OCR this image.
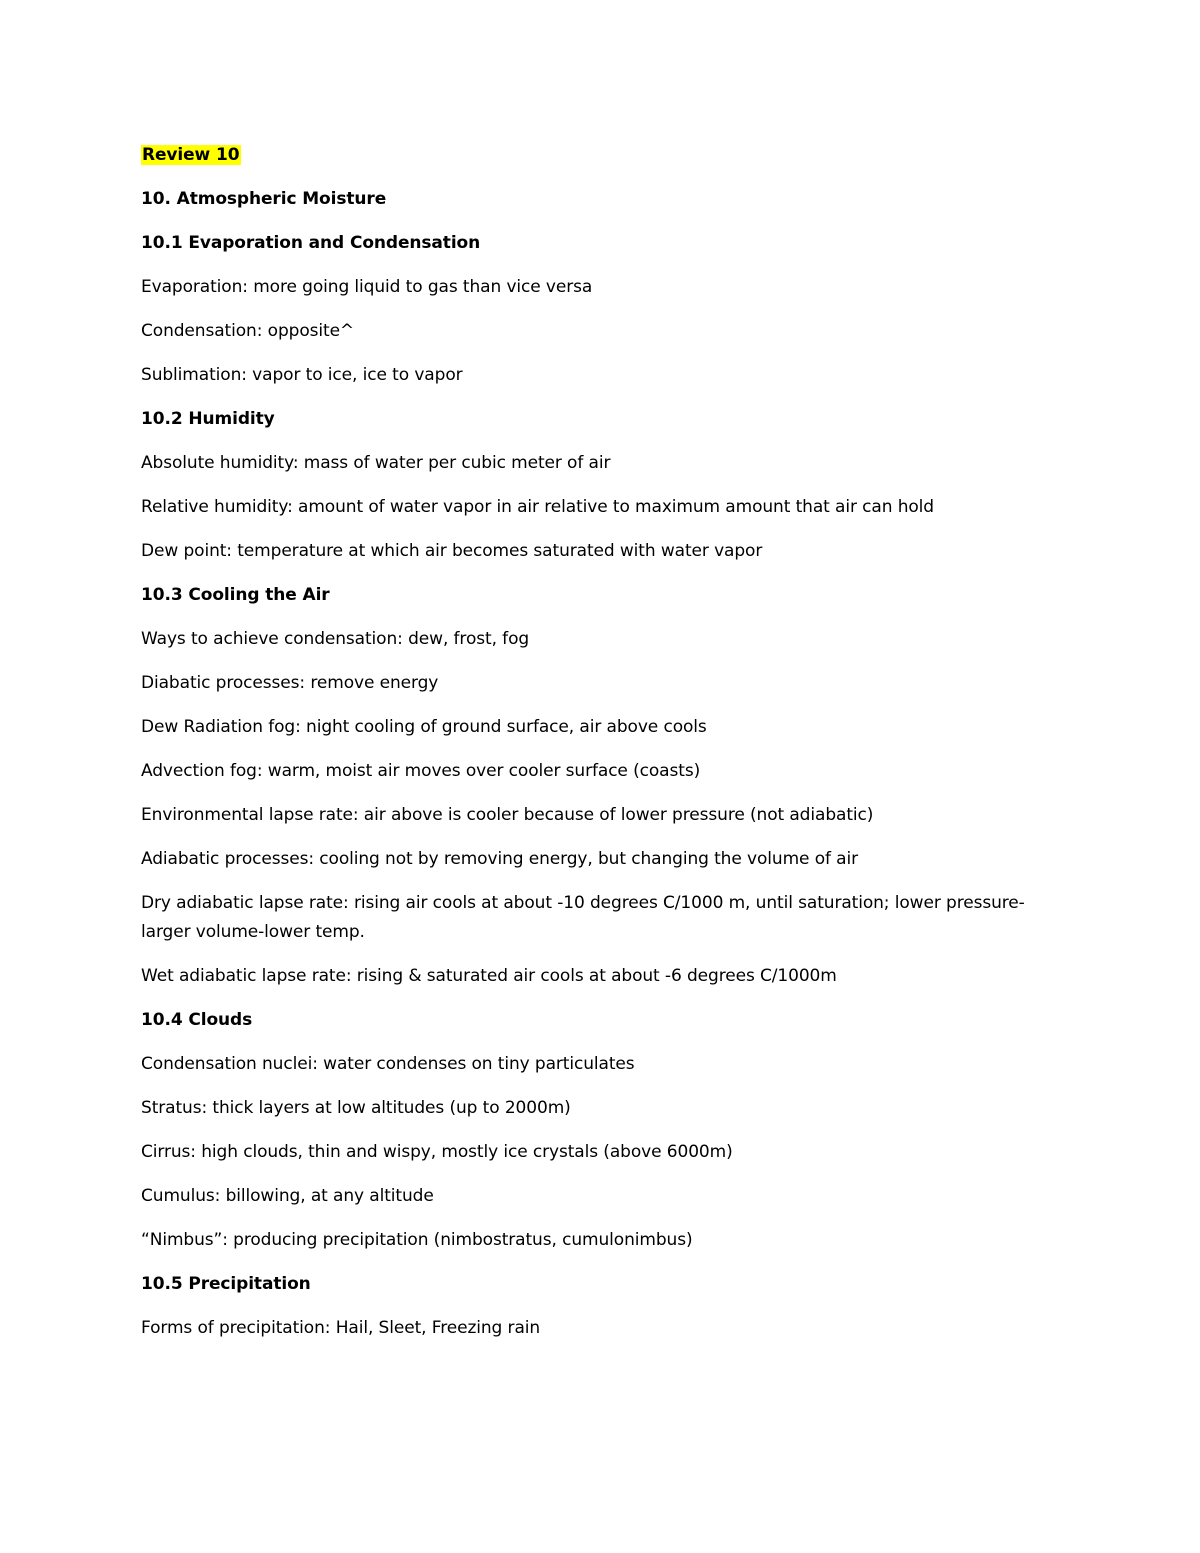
Review 10
10. Atmospheric Moisture
10.1 Evaporation and Condensation
Evaporation: more going liquid to gas than vice versa
Condensation: opposite^
Sublimation: vapor to ice, ice to vapor
10.2 Humidity
Absolute humidity: mass of water per cubic meter of air
Relative humidity: amount of water vapor in air relative to maximum amount that air can hold
Dew point: temperature at which air becomes saturated with water vapor
10.3 Cooling the Air
Ways to achieve condensation: dew, frost, fog
Diabatic processes: remove energy
Dew Radiation fog: night cooling of ground surface, air above cools
Advection fog: warm, moist air moves over cooler surface (coasts)
Environmental lapse rate: air above is cooler because of lower pressure (not adiabatic)
Adiabatic processes: cooling not by removing energy, but changing the volume of air
Dry adiabatic lapse rate: rising air cools at about -10 degrees C/1000 m, until saturation; lower pressure-larger volume-lower temp.
Wet adiabatic lapse rate: rising & saturated air cools at about -6 degrees C/1000m
10.4 Clouds
Condensation nuclei: water condenses on tiny particulates
Stratus: thick layers at low altitudes (up to 2000m)
Cirrus: high clouds, thin and wispy, mostly ice crystals (above 6000m)
Cumulus: billowing, at any altitude
“Nimbus”: producing precipitation (nimbostratus, cumulonimbus)
10.5 Precipitation
Forms of precipitation: Hail, Sleet, Freezing rain
